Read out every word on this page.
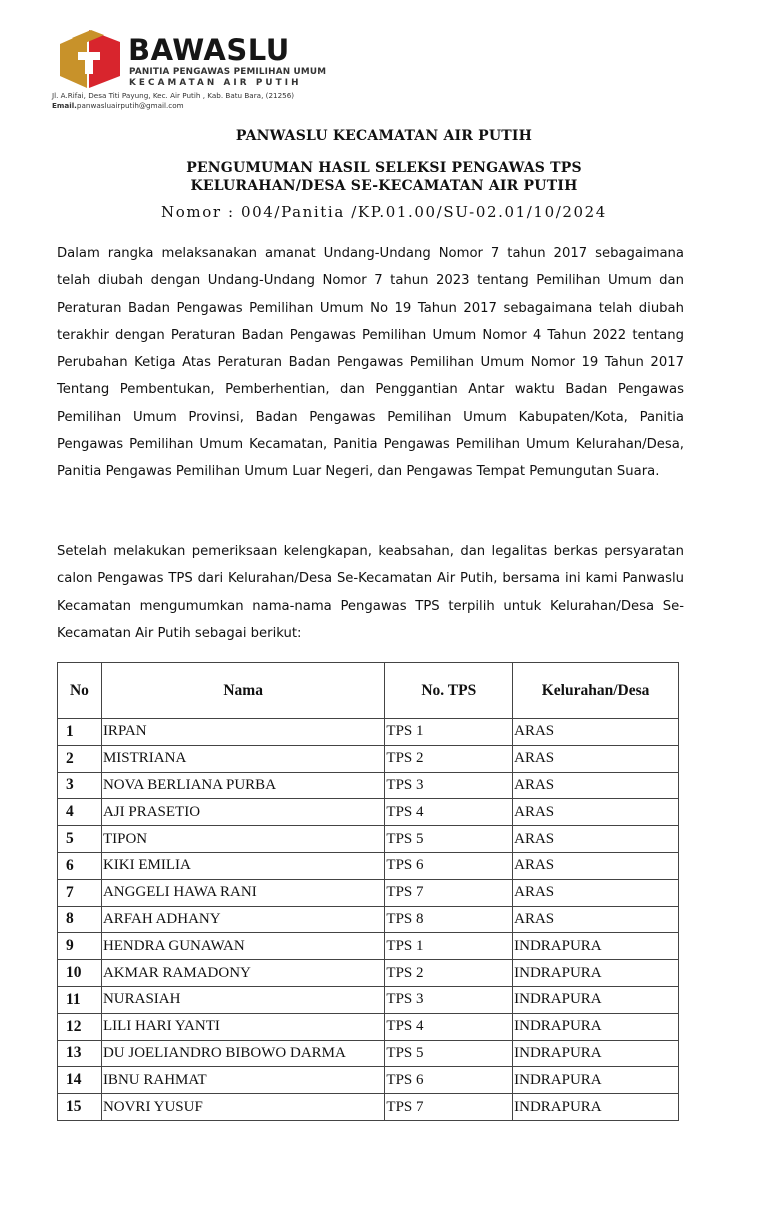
BAWASLU
PANITIA PENGAWAS PEMILIHAN UMUM
KECAMATAN AIR PUTIH
Jl. A.Rifai, Desa Titi Payung, Kec. Air Putih , Kab. Batu Bara, (21256)
Email.panwasluairputih@gmail.com
PANWASLU KECAMATAN AIR PUTIH
PENGUMUMAN HASIL SELEKSI PENGAWAS TPS
KELURAHAN/DESA SE-KECAMATAN AIR PUTIH
Nomor : 004/Panitia /KP.01.00/SU-02.01/10/2024
Dalam rangka melaksanakan amanat Undang-Undang Nomor 7 tahun 2017 sebagaimana telah diubah dengan Undang-Undang Nomor 7 tahun 2023 tentang Pemilihan Umum dan Peraturan Badan Pengawas Pemilihan Umum No 19 Tahun 2017 sebagaimana telah diubah terakhir dengan Peraturan Badan Pengawas Pemilihan Umum Nomor 4 Tahun 2022 tentang Perubahan Ketiga Atas Peraturan Badan Pengawas Pemilihan Umum Nomor 19 Tahun 2017 Tentang Pembentukan, Pemberhentian, dan Penggantian Antar waktu Badan Pengawas Pemilihan Umum Provinsi, Badan Pengawas Pemilihan Umum Kabupaten/Kota, Panitia Pengawas Pemilihan Umum Kecamatan, Panitia Pengawas Pemilihan Umum Kelurahan/Desa, Panitia Pengawas Pemilihan Umum Luar Negeri, dan Pengawas Tempat Pemungutan Suara.
Setelah melakukan pemeriksaan kelengkapan, keabsahan, dan legalitas berkas persyaratan calon Pengawas TPS dari Kelurahan/Desa Se-Kecamatan Air Putih, bersama ini kami Panwaslu Kecamatan mengumumkan nama-nama Pengawas TPS terpilih untuk Kelurahan/Desa Se-Kecamatan Air Putih sebagai berikut:
No	Nama	No. TPS	Kelurahan/Desa
1	IRPAN	TPS 1	ARAS
2	MISTRIANA	TPS 2	ARAS
3	NOVA BERLIANA PURBA	TPS 3	ARAS
4	AJI PRASETIO	TPS 4	ARAS
5	TIPON	TPS 5	ARAS
6	KIKI EMILIA	TPS 6	ARAS
7	ANGGELI HAWA RANI	TPS 7	ARAS
8	ARFAH ADHANY	TPS 8	ARAS
9	HENDRA GUNAWAN	TPS 1	INDRAPURA
10	AKMAR RAMADONY	TPS 2	INDRAPURA
11	NURASIAH	TPS 3	INDRAPURA
12	LILI HARI YANTI	TPS 4	INDRAPURA
13	DU JOELIANDRO BIBOWO DARMA	TPS 5	INDRAPURA
14	IBNU RAHMAT	TPS 6	INDRAPURA
15	NOVRI YUSUF	TPS 7	INDRAPURA
